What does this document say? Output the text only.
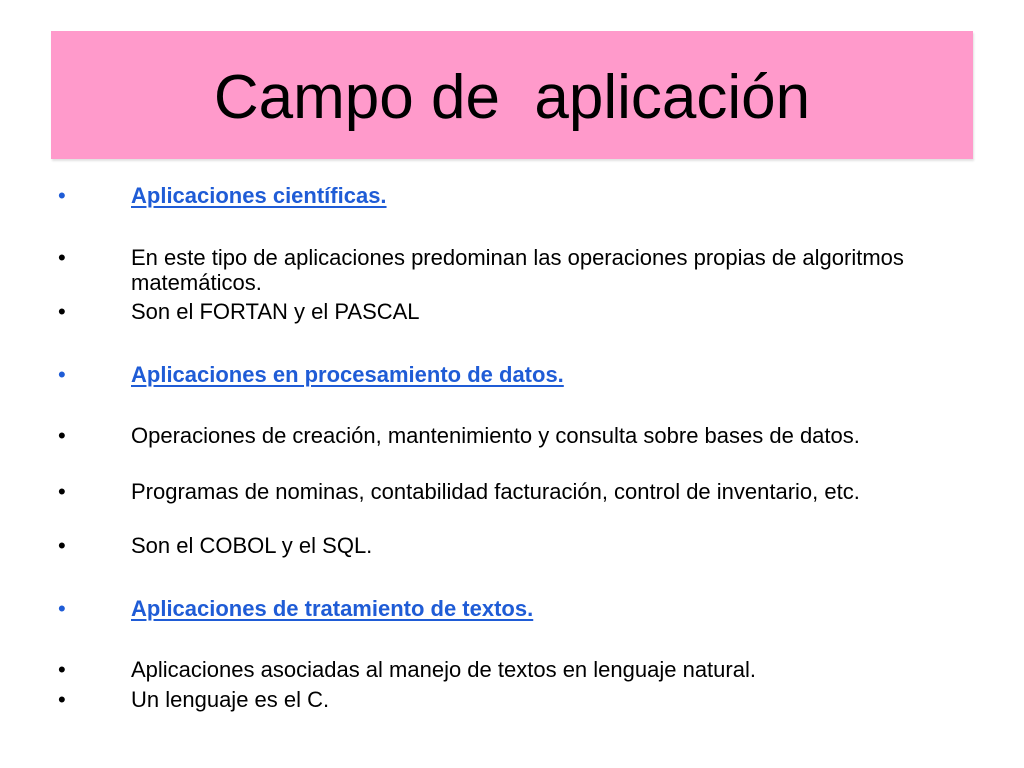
Campo de  aplicación
•	Aplicaciones científicas.
•	En este tipo de aplicaciones predominan las operaciones propias de algoritmos matemáticos.
•	Son el FORTAN y el PASCAL
•	Aplicaciones en procesamiento de datos.
•	Operaciones de creación, mantenimiento y consulta sobre bases de datos.
•	Programas de nominas, contabilidad facturación, control de inventario, etc.
•	Son el COBOL y el SQL.
•	Aplicaciones de tratamiento de textos.
•	Aplicaciones asociadas al manejo de textos en lenguaje natural.
•	Un lenguaje es el C.
